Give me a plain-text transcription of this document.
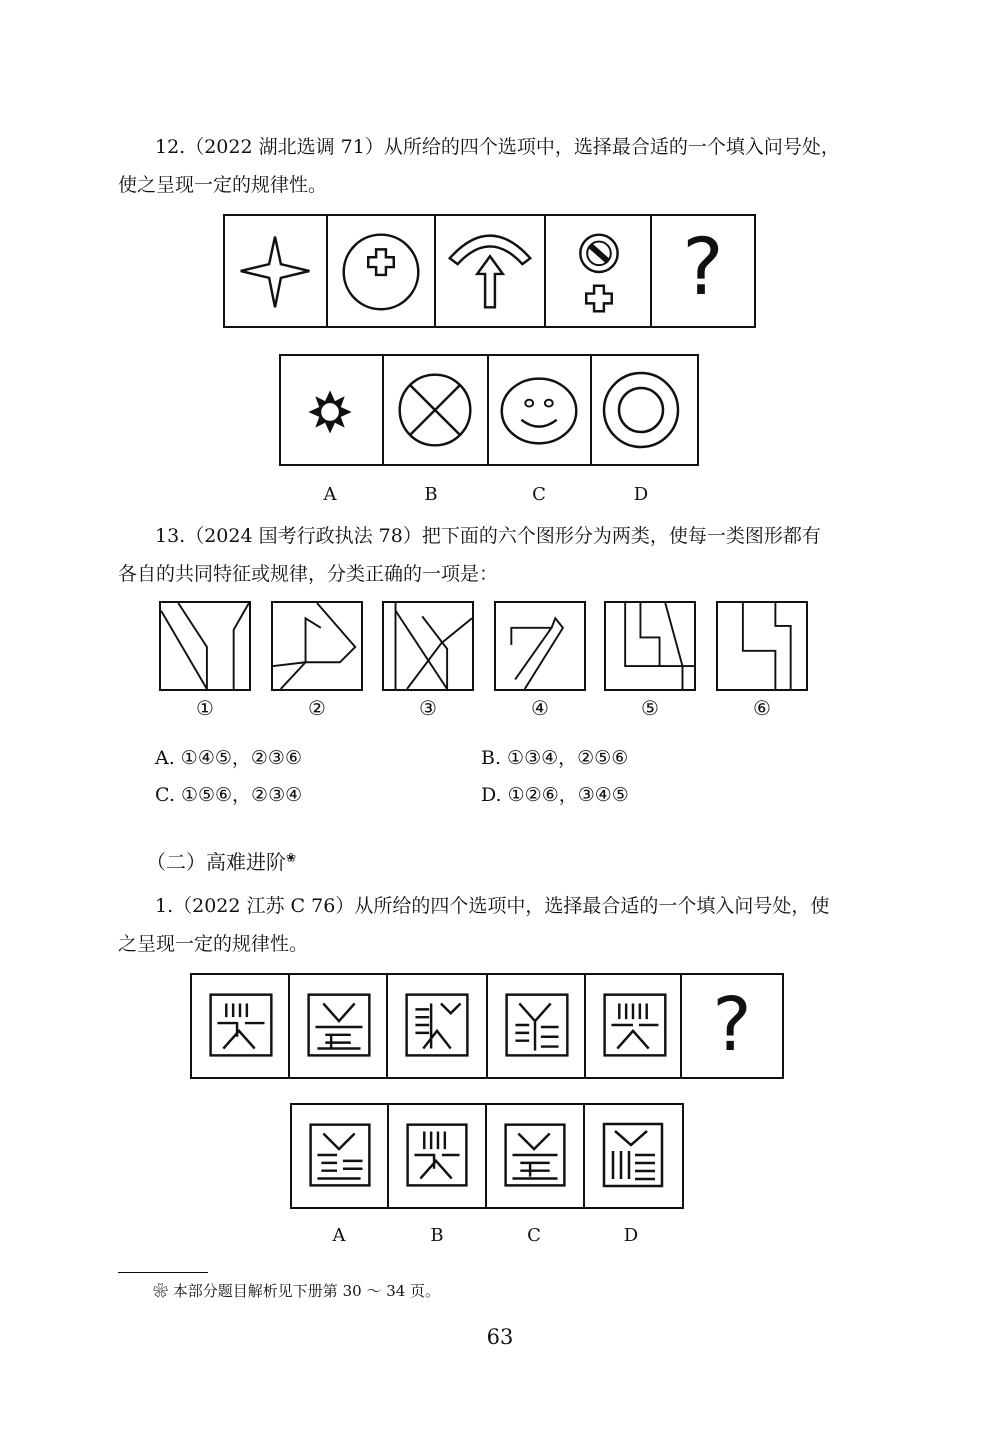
12.（2022 湖北选调 71）从所给的四个选项中，选择最合适的一个填入问号处，
使之呈现一定的规律性。
?
A	B	C	D
13.（2024 国考行政执法 78）把下面的六个图形分为两类，使每一类图形都有
各自的共同特征或规律，分类正确的一项是：
①	②	③	④	⑤	⑥
A. ①④⑤，②③⑥	B. ①③④，②⑤⑥
C. ①⑤⑥，②③④	D. ①②⑥，③④⑤
（二）高难进阶❀
1.（2022 江苏 C 76）从所给的四个选项中，选择最合适的一个填入问号处，使
之呈现一定的规律性。
?
A	B	C	D
❀ 本部分题目解析见下册第 30 ～ 34 页。
63
